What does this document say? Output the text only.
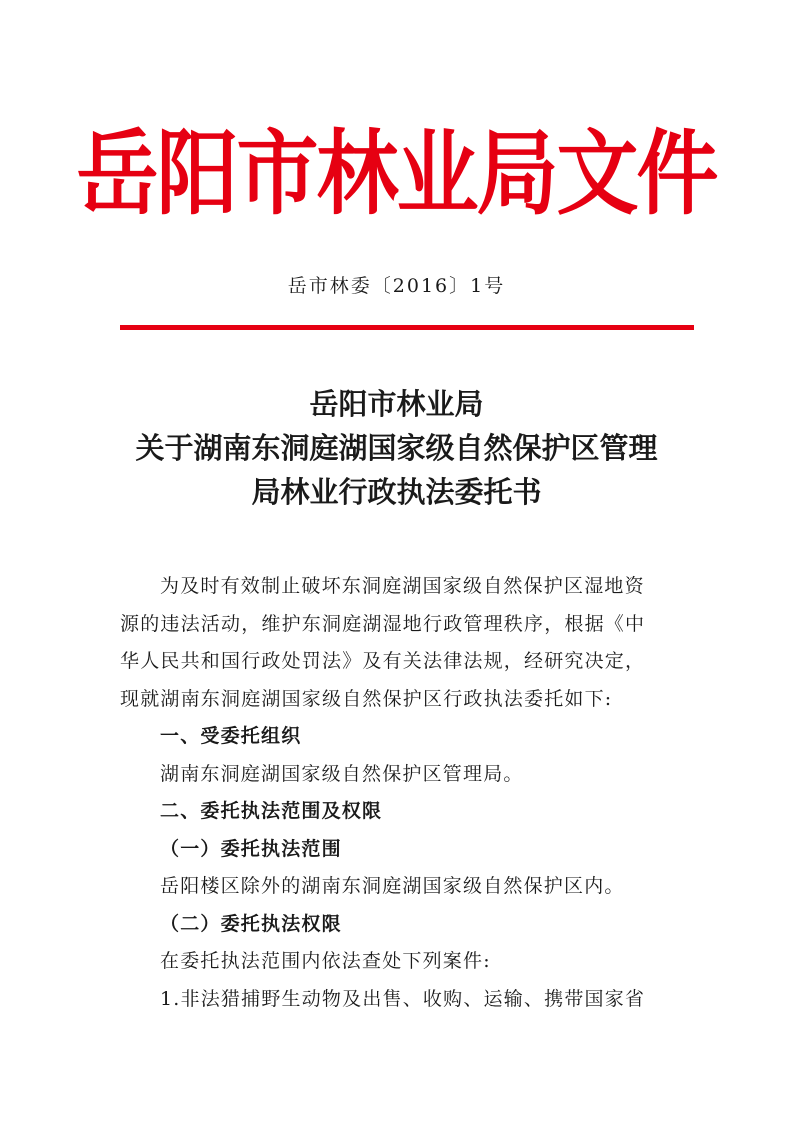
岳阳市林业局文件
岳市林委〔2016〕1号
岳阳市林业局
关于湖南东洞庭湖国家级自然保护区管理
局林业行政执法委托书

为及时有效制止破坏东洞庭湖国家级自然保护区湿地资

源的违法活动，维护东洞庭湖湿地行政管理秩序，根据《中

华人民共和国行政处罚法》及有关法律法规，经研究决定，

现就湖南东洞庭湖国家级自然保护区行政执法委托如下:

一、受委托组织

湖南东洞庭湖国家级自然保护区管理局。

二、委托执法范围及权限

（一）委托执法范围

岳阳楼区除外的湖南东洞庭湖国家级自然保护区内。

（二）委托执法权限

在委托执法范围内依法查处下列案件:

1.非法猎捕野生动物及出售、收购、运输、携带国家省
